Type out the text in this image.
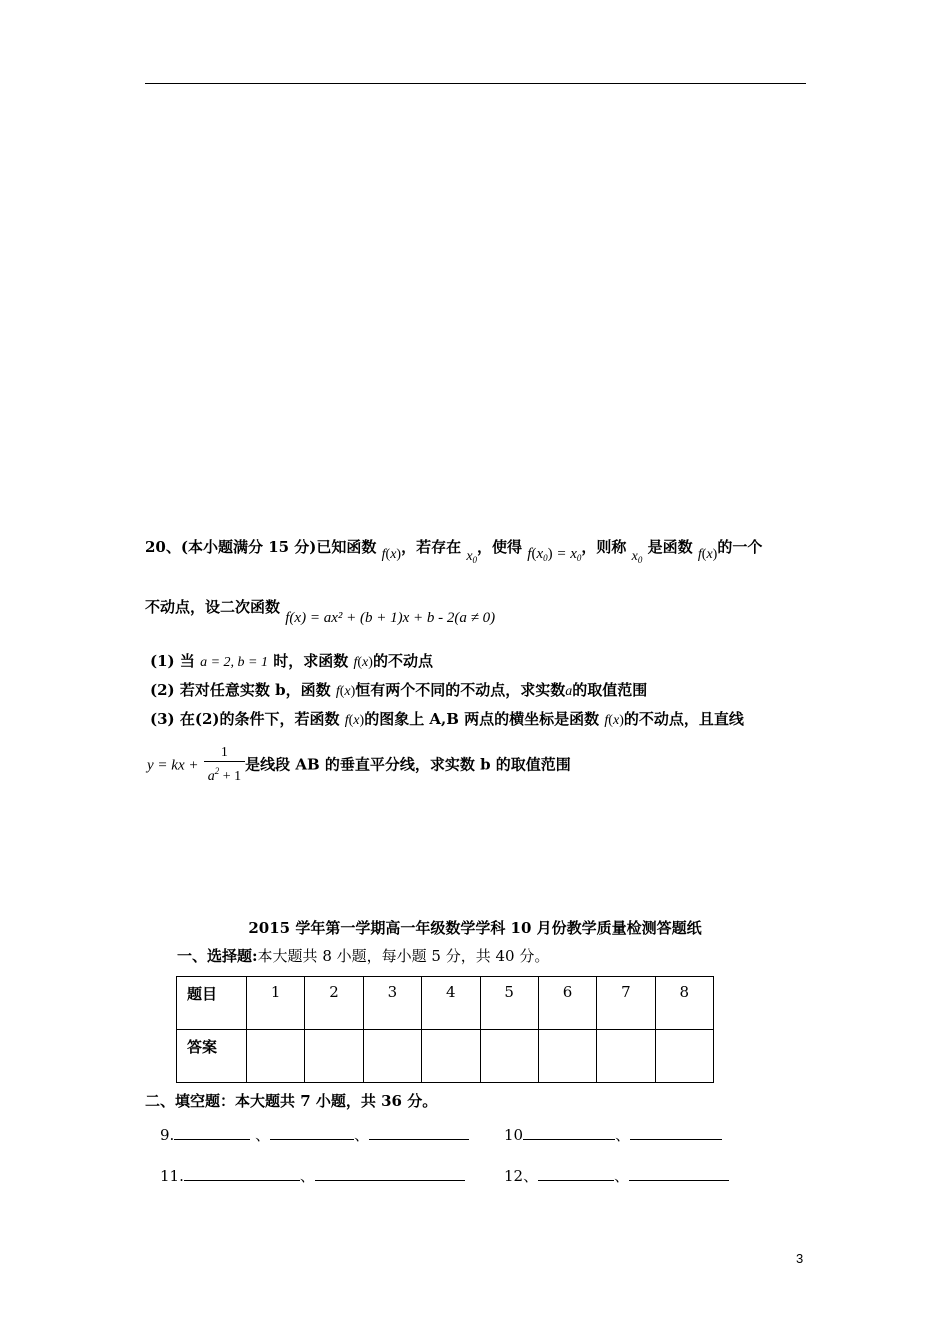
20、(本小题满分 15 分)已知函数 f(x)，若存在 $x_0$，使得 $f(x_0) = x_0$，则称 $x_0$ 是函数 f(x)的一个
不动点，设二次函数 f(x) = ax² + (b + 1)x + b - 2(a ≠ 0)
(1) 当 a = 2, b = 1 时，求函数 f(x)的不动点
(2) 若对任意实数 b，函数 f(x)恒有两个不同的不动点，求实数a的取值范围
(3) 在(2)的条件下，若函数 f(x)的图象上 A,B 两点的横坐标是函数 f(x)的不动点，且直线
y = kx + $\frac{1}{a^2 + 1}$ 是线段 AB 的垂直平分线，求实数 b 的取值范围
2015 学年第一学期高一年级数学学科 10 月份教学质量检测答题纸
一、选择题:本大题共 8 小题，每小题 5 分，共 40 分。
题目	1	2	3	4	5	6	7	8
答案								
二、填空题：本大题共 7 小题，共 36 分。
9.	、	、	10	、
11.	、	12、	、
3
